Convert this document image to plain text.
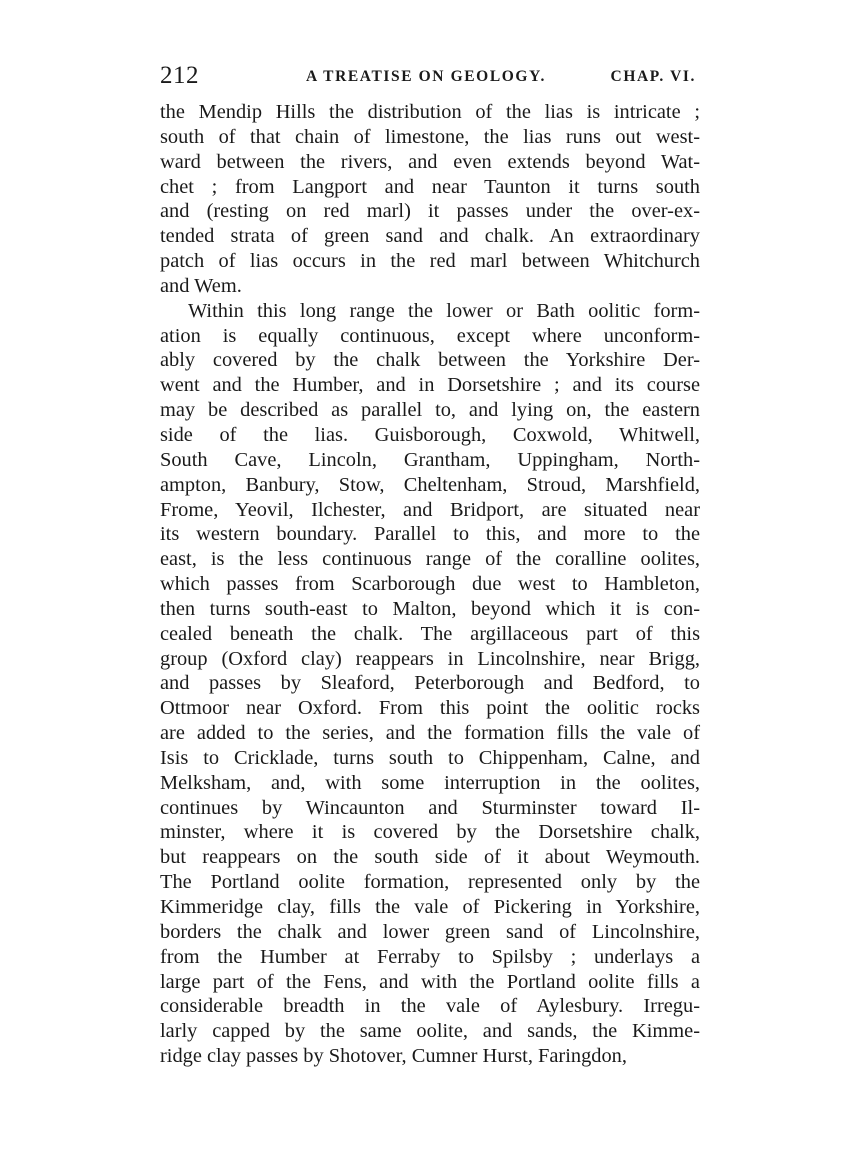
212	A TREATISE ON GEOLOGY.	CHAP. VI.
the Mendip Hills the distribution of the lias is intricate ;
south of that chain of limestone, the lias runs out west-
ward between the rivers, and even extends beyond Wat-
chet ; from Langport and near Taunton it turns south
and (resting on red marl) it passes under the over-ex-
tended strata of green sand and chalk. An extraordinary
patch of lias occurs in the red marl between Whitchurch
and Wem.
Within this long range the lower or Bath oolitic form-
ation is equally continuous, except where unconform-
ably covered by the chalk between the Yorkshire Der-
went and the Humber, and in Dorsetshire ; and its course
may be described as parallel to, and lying on, the eastern
side of the lias. Guisborough, Coxwold, Whitwell,
South Cave, Lincoln, Grantham, Uppingham, North-
ampton, Banbury, Stow, Cheltenham, Stroud, Marshfield,
Frome, Yeovil, Ilchester, and Bridport, are situated near
its western boundary. Parallel to this, and more to the
east, is the less continuous range of the coralline oolites,
which passes from Scarborough due west to Hambleton,
then turns south-east to Malton, beyond which it is con-
cealed beneath the chalk. The argillaceous part of this
group (Oxford clay) reappears in Lincolnshire, near Brigg,
and passes by Sleaford, Peterborough and Bedford, to
Ottmoor near Oxford. From this point the oolitic rocks
are added to the series, and the formation fills the vale of
Isis to Cricklade, turns south to Chippenham, Calne, and
Melksham, and, with some interruption in the oolites,
continues by Wincaunton and Sturminster toward Il-
minster, where it is covered by the Dorsetshire chalk,
but reappears on the south side of it about Weymouth.
The Portland oolite formation, represented only by the
Kimmeridge clay, fills the vale of Pickering in Yorkshire,
borders the chalk and lower green sand of Lincolnshire,
from the Humber at Ferraby to Spilsby ; underlays a
large part of the Fens, and with the Portland oolite fills a
considerable breadth in the vale of Aylesbury. Irregu-
larly capped by the same oolite, and sands, the Kimme-
ridge clay passes by Shotover, Cumner Hurst, Faringdon,
